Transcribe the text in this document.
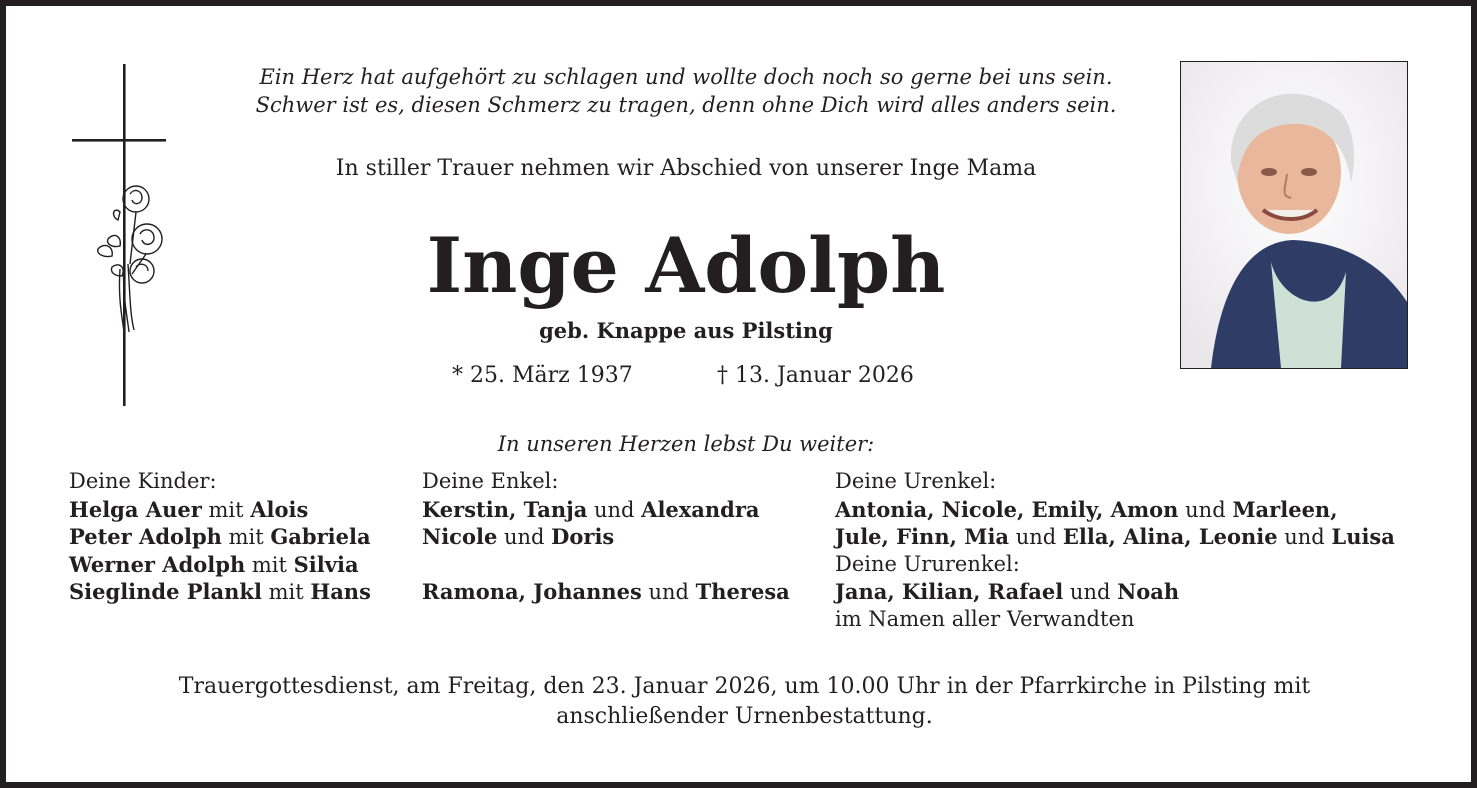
Ein Herz hat aufgehört zu schlagen und wollte doch noch so gerne bei uns sein.
Schwer ist es, diesen Schmerz zu tragen, denn ohne Dich wird alles anders sein.
In stiller Trauer nehmen wir Abschied von unserer Inge Mama
Inge Adolph
geb. Knappe aus Pilsting
* 25. März 1937	† 13. Januar 2026
In unseren Herzen lebst Du weiter:
Deine Kinder:
Helga Auer mit Alois
Peter Adolph mit Gabriela
Werner Adolph mit Silvia
Sieglinde Plankl mit Hans
Deine Enkel:
Kerstin, Tanja und Alexandra
Nicole und Doris
Ramona, Johannes und Theresa
Deine Urenkel:
Antonia, Nicole, Emily, Amon und Marleen,
Jule, Finn, Mia und Ella, Alina, Leonie und Luisa
Deine Ururenkel:
Jana, Kilian, Rafael und Noah
im Namen aller Verwandten
Trauergottesdienst, am Freitag, den 23. Januar 2026, um 10.00 Uhr in der Pfarrkirche in Pilsting mit
anschließender Urnenbestattung.
